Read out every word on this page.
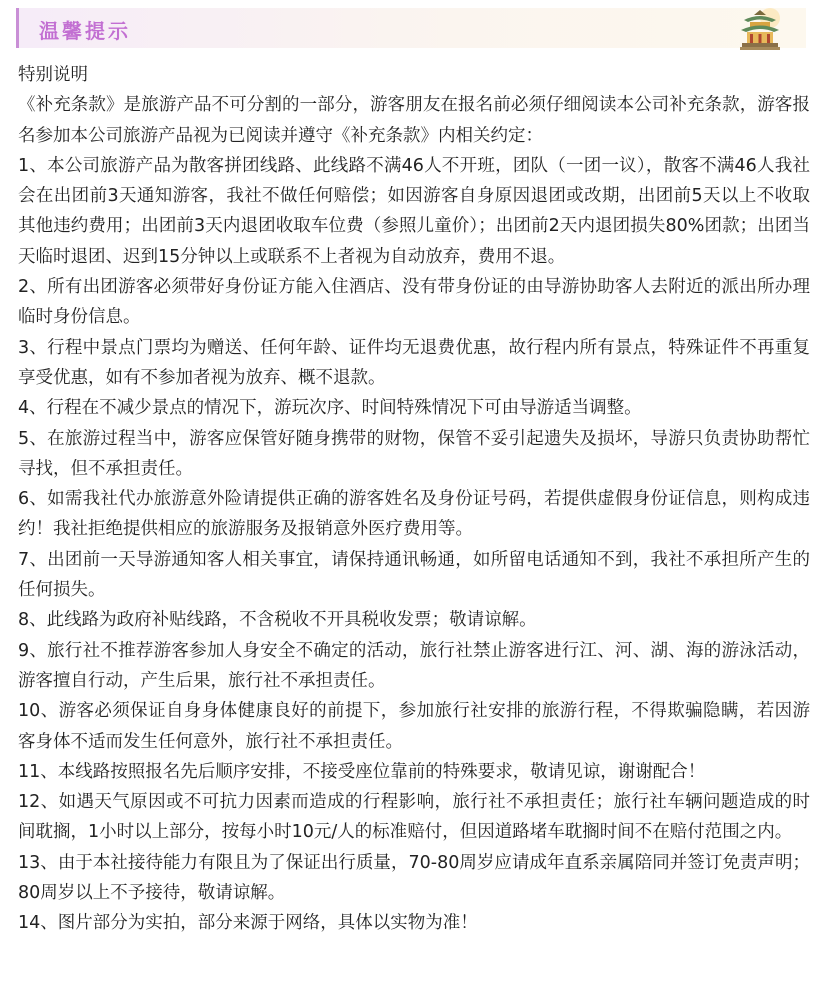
温馨提示

特别说明

《补充条款》是旅游产品不可分割的一部分，游客朋友在报名前必须仔细阅读本公司补充条款，游客报名参加本公司旅游产品视为已阅读并遵守《补充条款》内相关约定：

1、本公司旅游产品为散客拼团线路、此线路不满46人不开班，团队（一团一议），散客不满46人我社会在出团前3天通知游客，我社不做任何赔偿；如因游客自身原因退团或改期，出团前5天以上不收取其他违约费用；出团前3天内退团收取车位费（参照儿童价）；出团前2天内退团损失80%团款；出团当天临时退团、迟到15分钟以上或联系不上者视为自动放弃，费用不退。

2、所有出团游客必须带好身份证方能入住酒店、没有带身份证的由导游协助客人去附近的派出所办理临时身份信息。

3、行程中景点门票均为赠送、任何年龄、证件均无退费优惠，故行程内所有景点，特殊证件不再重复享受优惠，如有不参加者视为放弃、概不退款。

4、行程在不减少景点的情况下，游玩次序、时间特殊情况下可由导游适当调整。

5、在旅游过程当中，游客应保管好随身携带的财物，保管不妥引起遗失及损坏，导游只负责协助帮忙寻找，但不承担责任。

6、如需我社代办旅游意外险请提供正确的游客姓名及身份证号码，若提供虚假身份证信息，则构成违约！我社拒绝提供相应的旅游服务及报销意外医疗费用等。

7、出团前一天导游通知客人相关事宜，请保持通讯畅通，如所留电话通知不到，我社不承担所产生的任何损失。

8、此线路为政府补贴线路，不含税收不开具税收发票；敬请谅解。

9、旅行社不推荐游客参加人身安全不确定的活动，旅行社禁止游客进行江、河、湖、海的游泳活动，游客擅自行动，产生后果，旅行社不承担责任。

10、游客必须保证自身身体健康良好的前提下，参加旅行社安排的旅游行程，不得欺骗隐瞒，若因游客身体不适而发生任何意外，旅行社不承担责任。

11、本线路按照报名先后顺序安排，不接受座位靠前的特殊要求，敬请见谅，谢谢配合！

12、如遇天气原因或不可抗力因素而造成的行程影响，旅行社不承担责任；旅行社车辆问题造成的时间耽搁，1小时以上部分，按每小时10元/人的标准赔付，但因道路堵车耽搁时间不在赔付范围之内。

13、由于本社接待能力有限且为了保证出行质量，70-80周岁应请成年直系亲属陪同并签订免责声明；80周岁以上不予接待，敬请谅解。

14、图片部分为实拍，部分来源于网络，具体以实物为准！
